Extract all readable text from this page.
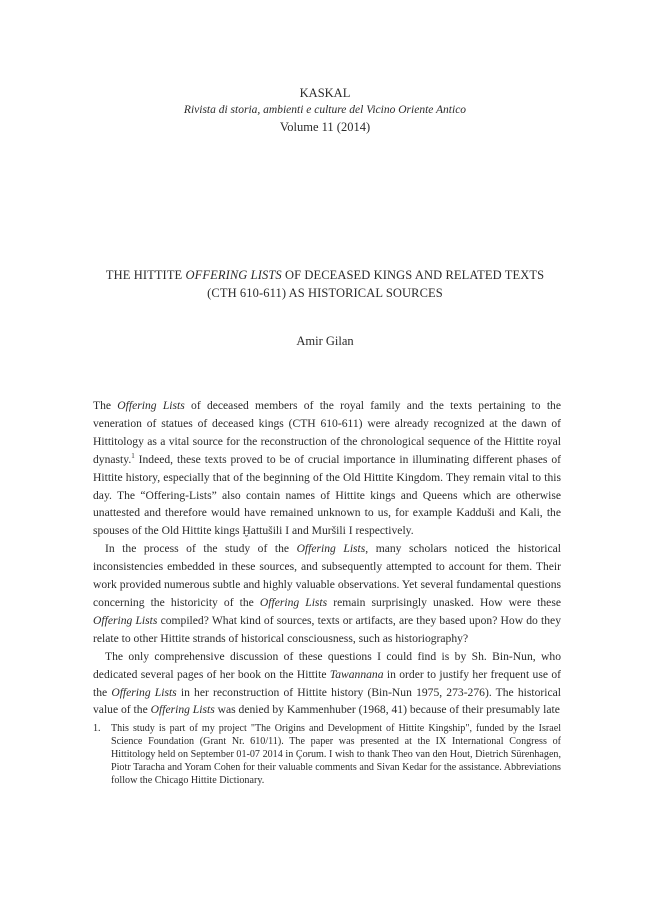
KASKAL
Rivista di storia, ambienti e culture del Vicino Oriente Antico
Volume 11 (2014)
THE HITTITE OFFERING LISTS OF DECEASED KINGS AND RELATED TEXTS
(CTH 610-611) AS HISTORICAL SOURCES
Amir Gilan

The Offering Lists of deceased members of the royal family and the texts pertaining to the veneration of statues of deceased kings (CTH 610-611) were already recognized at the dawn of Hittitology as a vital source for the reconstruction of the chronological sequence of the Hittite royal dynasty.$^1$ Indeed, these texts proved to be of crucial importance in illuminating different phases of Hittite history, especially that of the beginning of the Old Hittite Kingdom. They remain vital to this day. The “Offering-Lists” also contain names of Hittite kings and Queens which are otherwise unattested and therefore would have remained unknown to us, for example Kadduši and Kali, the spouses of the Old Hittite kings Ḫattušili I and Muršili I respectively.

In the process of the study of the Offering Lists, many scholars noticed the historical inconsistencies embedded in these sources, and subsequently attempted to account for them. Their work provided numerous subtle and highly valuable observations. Yet several fundamental questions concerning the historicity of the Offering Lists remain surprisingly unasked. How were these Offering Lists compiled? What kind of sources, texts or artifacts, are they based upon? How do they relate to other Hittite strands of historical consciousness, such as historiography?

The only comprehensive discussion of these questions I could find is by Sh. Bin-Nun, who dedicated several pages of her book on the Hittite Tawannana in order to justify her frequent use of the Offering Lists in her reconstruction of Hittite history (Bin-Nun 1975, 273-276). The historical value of the Offering Lists was denied by Kammenhuber (1968, 41) because of their presumably late

1.	This study is part of my project "The Origins and Development of Hittite Kingship", funded by the Israel Science Foundation (Grant Nr. 610/11). The paper was presented at the IX International Congress of Hittitology held on September 01-07 2014 in Çorum. I wish to thank Theo van den Hout, Dietrich Sürenhagen, Piotr Taracha and Yoram Cohen for their valuable comments and Sivan Kedar for the assistance. Abbreviations follow the Chicago Hittite Dictionary.
